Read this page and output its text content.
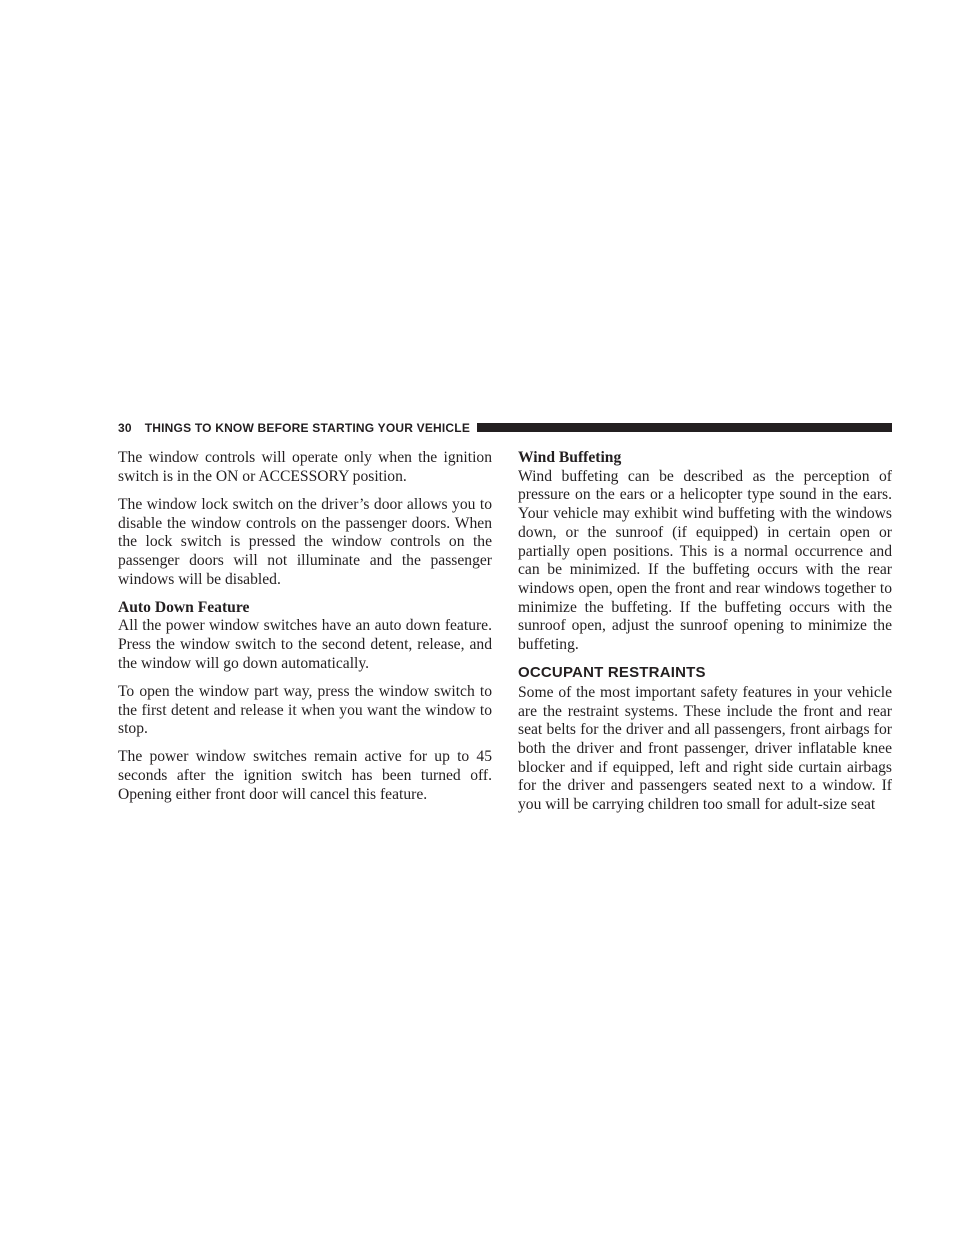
30 THINGS TO KNOW BEFORE STARTING YOUR VEHICLE

The window controls will operate only when the ignition switch is in the ON or ACCESSORY position.

The window lock switch on the driver’s door allows you to disable the window controls on the passenger doors. When the lock switch is pressed the window controls on the passenger doors will not illuminate and the passenger windows will be disabled.

Auto Down Feature

All the power window switches have an auto down feature. Press the window switch to the second detent, release, and the window will go down automatically.

To open the window part way, press the window switch to the first detent and release it when you want the window to stop.

The power window switches remain active for up to 45 seconds after the ignition switch has been turned off. Opening either front door will cancel this feature.

Wind Buffeting

Wind buffeting can be described as the perception of pressure on the ears or a helicopter type sound in the ears. Your vehicle may exhibit wind buffeting with the windows down, or the sunroof (if equipped) in certain open or partially open positions. This is a normal occurrence and can be minimized. If the buffeting occurs with the rear windows open, open the front and rear windows together to minimize the buffeting. If the buffeting occurs with the sunroof open, adjust the sunroof opening to minimize the buffeting.

OCCUPANT RESTRAINTS

Some of the most important safety features in your vehicle are the restraint systems. These include the front and rear seat belts for the driver and all passengers, front airbags for both the driver and front passenger, driver inflatable knee blocker and if equipped, left and right side curtain airbags for the driver and passengers seated next to a window. If you will be carrying children too small for adult-size seat
